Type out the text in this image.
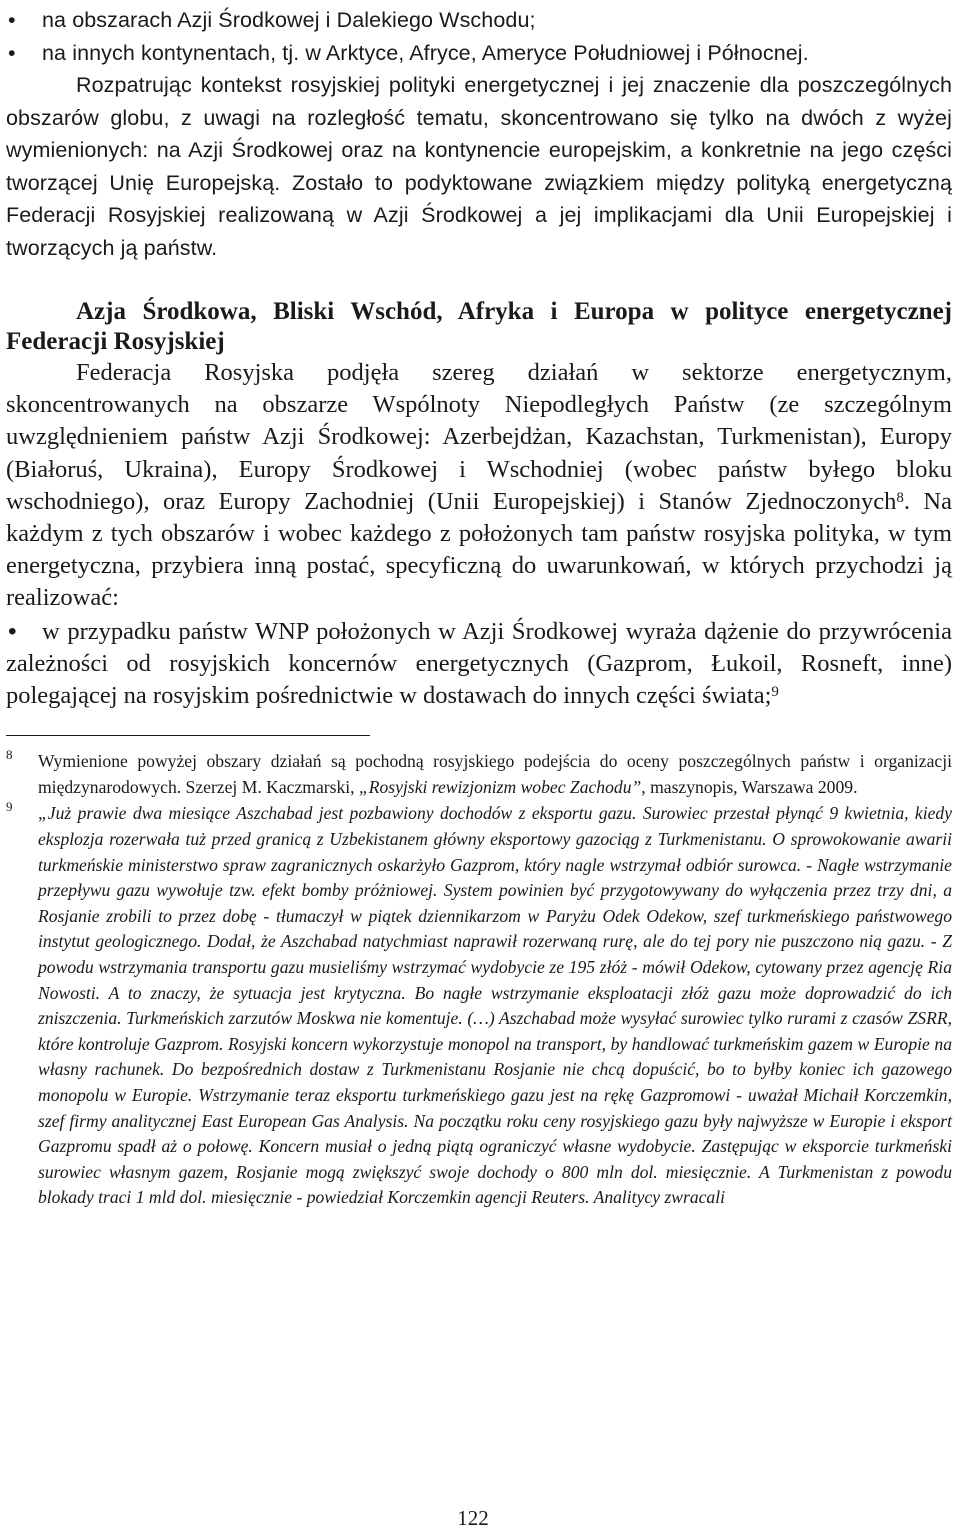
• na obszarach Azji Środkowej i Dalekiego Wschodu;
•	na innych kontynentach, tj. w Arktyce, Afryce, Ameryce Południowej i Północnej.

Rozpatrując kontekst rosyjskiej polityki energetycznej i jej znaczenie dla poszczególnych obszarów globu, z uwagi na rozległość tematu, skoncentrowano się tylko na dwóch z wyżej wymienionych: na Azji Środkowej oraz na kontynencie europejskim, a konkretnie na jego części tworzącej Unię Europejską. Zostało to podyktowane związkiem między polityką energetyczną Federacji Rosyjskiej realizowaną w Azji Środkowej a jej implikacjami dla Unii Europejskiej i tworzących ją państw.

Azja Środkowa, Bliski Wschód, Afryka i Europa w polityce energetycznej Federacji Rosyjskiej

Federacja Rosyjska podjęła szereg działań w sektorze energetycznym, skoncentrowanych na obszarze Wspólnoty Niepodległych Państw (ze szczególnym uwzględnieniem państw Azji Środkowej: Azerbejdżan, Kazachstan, Turkmenistan), Europy (Białoruś, Ukraina), Europy Środkowej i Wschodniej (wobec państw byłego bloku wschodniego), oraz Europy Zachodniej (Unii Europejskiej) i Stanów Zjednoczonych$^8$. Na każdym z tych obszarów i wobec każdego z położonych tam państw rosyjska polityka, w tym energetyczna, przybiera inną postać, specyficzną do uwarunkowań, w których przychodzi ją realizować:

•	w przypadku państw WNP położonych w Azji Środkowej wyraża dążenie do przywrócenia zależności od rosyjskich koncernów energetycznych (Gazprom, Łukoil, Rosneft, inne) polegającej na rosyjskim pośrednictwie w dostawach do innych części świata;$^9$
8 Wymienione powyżej obszary działań są pochodną rosyjskiego podejścia do oceny poszczególnych państw i organizacji międzynarodowych. Szerzej M. Kaczmarski, „Rosyjski rewizjonizm wobec Zachodu”, maszynopis, Warszawa 2009.
9 „Już prawie dwa miesiące Aszchabad jest pozbawiony dochodów z eksportu gazu. Surowiec przestał płynąć 9 kwietnia, kiedy eksplozja rozerwała tuż przed granicą z Uzbekistanem główny eksportowy gazociąg z Turkmenistanu. O sprowokowanie awarii turkmeńskie ministerstwo spraw zagranicznych oskarżyło Gazprom, który nagle wstrzymał odbiór surowca. - Nagłe wstrzymanie przepływu gazu wywołuje tzw. efekt bomby próżniowej. System powinien być przygotowywany do wyłączenia przez trzy dni, a Rosjanie zrobili to przez dobę - tłumaczył w piątek dziennikarzom w Paryżu Odek Odekow, szef turkmeńskiego państwowego instytut geologicznego. Dodał, że Aszchabad natychmiast naprawił rozerwaną rurę, ale do tej pory nie puszczono nią gazu. - Z powodu wstrzymania transportu gazu musieliśmy wstrzymać wydobycie ze 195 złóż - mówił Odekow, cytowany przez agencję Ria Nowosti. A to znaczy, że sytuacja jest krytyczna. Bo nagłe wstrzymanie eksploatacji złóż gazu może doprowadzić do ich zniszczenia. Turkmeńskich zarzutów Moskwa nie komentuje. (…) Aszchabad może wysyłać surowiec tylko rurami z czasów ZSRR, które kontroluje Gazprom. Rosyjski koncern wykorzystuje monopol na transport, by handlować turkmeńskim gazem w Europie na własny rachunek. Do bezpośrednich dostaw z Turkmenistanu Rosjanie nie chcą dopuścić, bo to byłby koniec ich gazowego monopolu w Europie. Wstrzymanie teraz eksportu turkmeńskiego gazu jest na rękę Gazpromowi - uważał Michaił Korczemkin, szef firmy analitycznej East European Gas Analysis. Na początku roku ceny rosyjskiego gazu były najwyższe w Europie i eksport Gazpromu spadł aż o połowę. Koncern musiał o jedną piątą ograniczyć własne wydobycie. Zastępując w eksporcie turkmeński surowiec własnym gazem, Rosjanie mogą zwiększyć swoje dochody o 800 mln dol. miesięcznie. A Turkmenistan z powodu blokady traci 1 mld dol. miesięcznie - powiedział Korczemkin agencji Reuters. Analitycy zwracali
122
